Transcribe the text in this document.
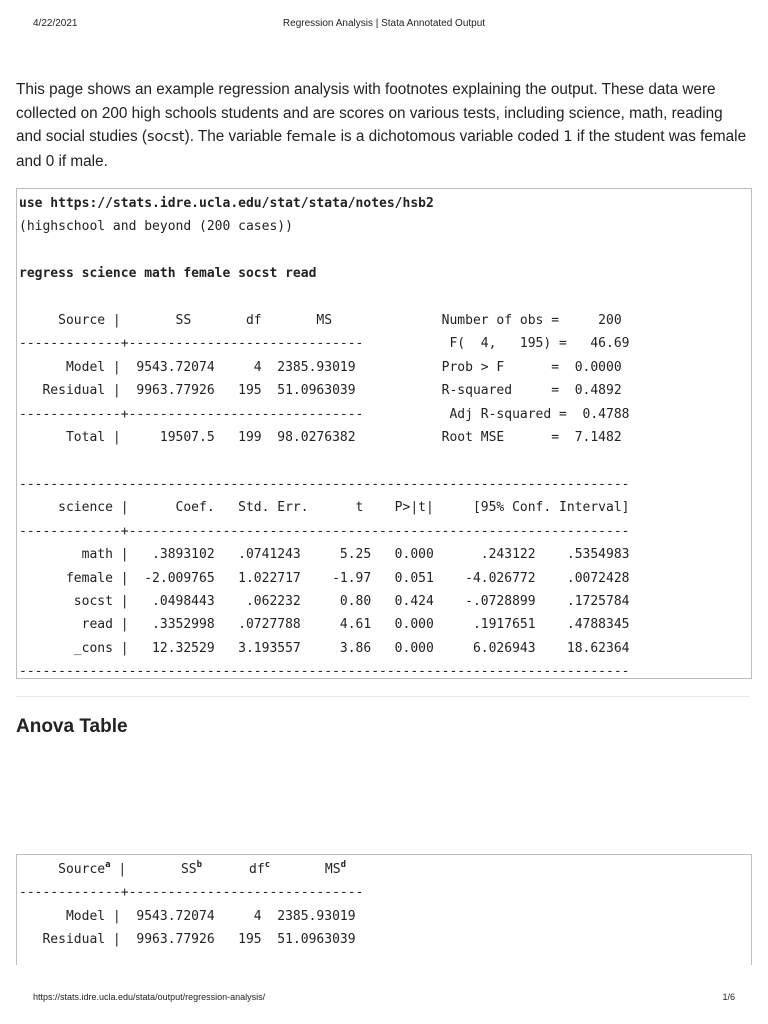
4/22/2021	Regression Analysis | Stata Annotated Output

This page shows an example regression analysis with footnotes explaining the output. These data were collected on 200 high schools students and are scores on various tests, including science, math, reading and social studies (socst). The variable female is a dichotomous variable coded 1 if the student was female and 0 if male.

use https://stats.idre.ucla.edu/stat/stata/notes/hsb2
(highschool and beyond (200 cases))

regress science math female socst read

Source |       SS       df       MS              Number of obs =     200
-------------+------------------------------           F(  4,   195) =   46.69
Model |  9543.72074     4  2385.93019           Prob > F      =  0.0000
Residual |  9963.77926   195  51.0963039           R-squared     =  0.4892
-------------+------------------------------           Adj R-squared =  0.4788
Total |     19507.5   199  98.0276382           Root MSE      =  7.1482

------------------------------------------------------------------------------
science |      Coef.   Std. Err.      t    P>|t|     [95% Conf. Interval]
-------------+----------------------------------------------------------------
math |   .3893102   .0741243     5.25   0.000      .243122    .5354983
female |  -2.009765   1.022717    -1.97   0.051    -4.026772    .0072428
socst |   .0498443    .062232     0.80   0.424    -.0728899    .1725784
read |   .3352998   .0727788     4.61   0.000     .1917651    .4788345
_cons |   12.32529   3.193557     3.86   0.000     6.026943    18.62364
------------------------------------------------------------------------------
Anova Table
Source$^a$ |       $SS^b$	$df^c$	$MS^d$
-------------+------------------------------
Model |  9543.72074     4  2385.93019
Residual |  9963.77926   195  51.0963039
https://stats.idre.ucla.edu/stata/output/regression-analysis/	1/6
